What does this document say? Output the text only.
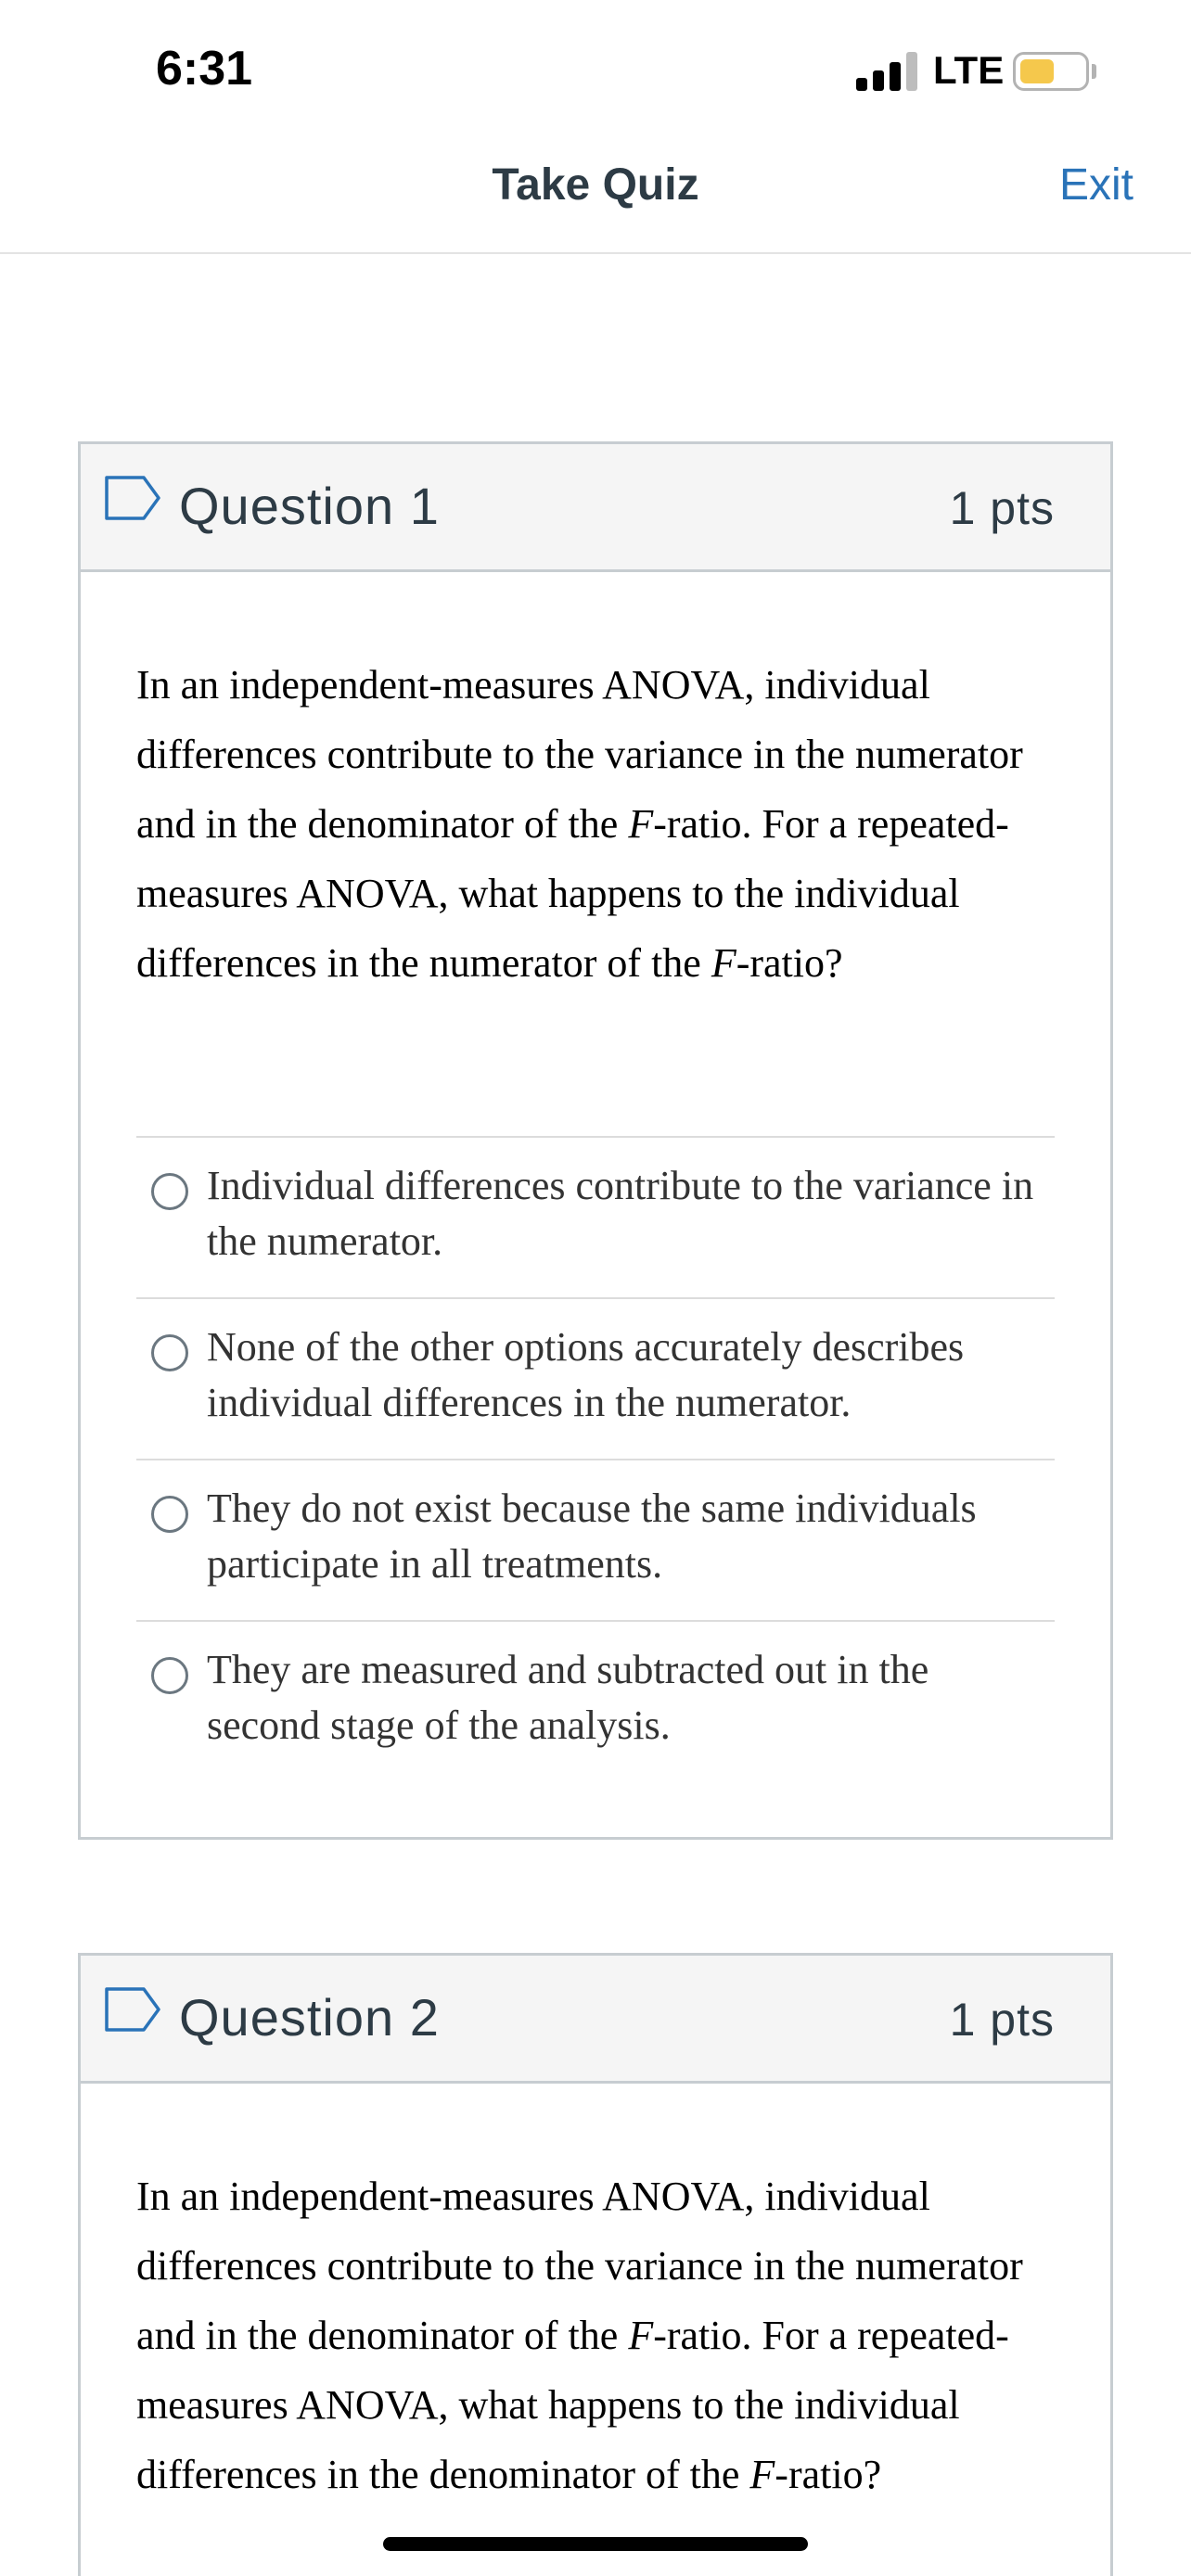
6:31	LTE
Take Quiz	Exit
Question 1	1 pts
In an independent-measures ANOVA, individual differences contribute to the variance in the numerator and in the denominator of the F-ratio. For a repeated-measures ANOVA, what happens to the individual differences in the numerator of the F-ratio?
Individual differences contribute to the variance in the numerator.
None of the other options accurately describes individual differences in the numerator.
They do not exist because the same individuals participate in all treatments.
They are measured and subtracted out in the second stage of the analysis.
Question 2	1 pts
In an independent-measures ANOVA, individual differences contribute to the variance in the numerator and in the denominator of the F-ratio. For a repeated-measures ANOVA, what happens to the individual differences in the denominator of the F-ratio?
